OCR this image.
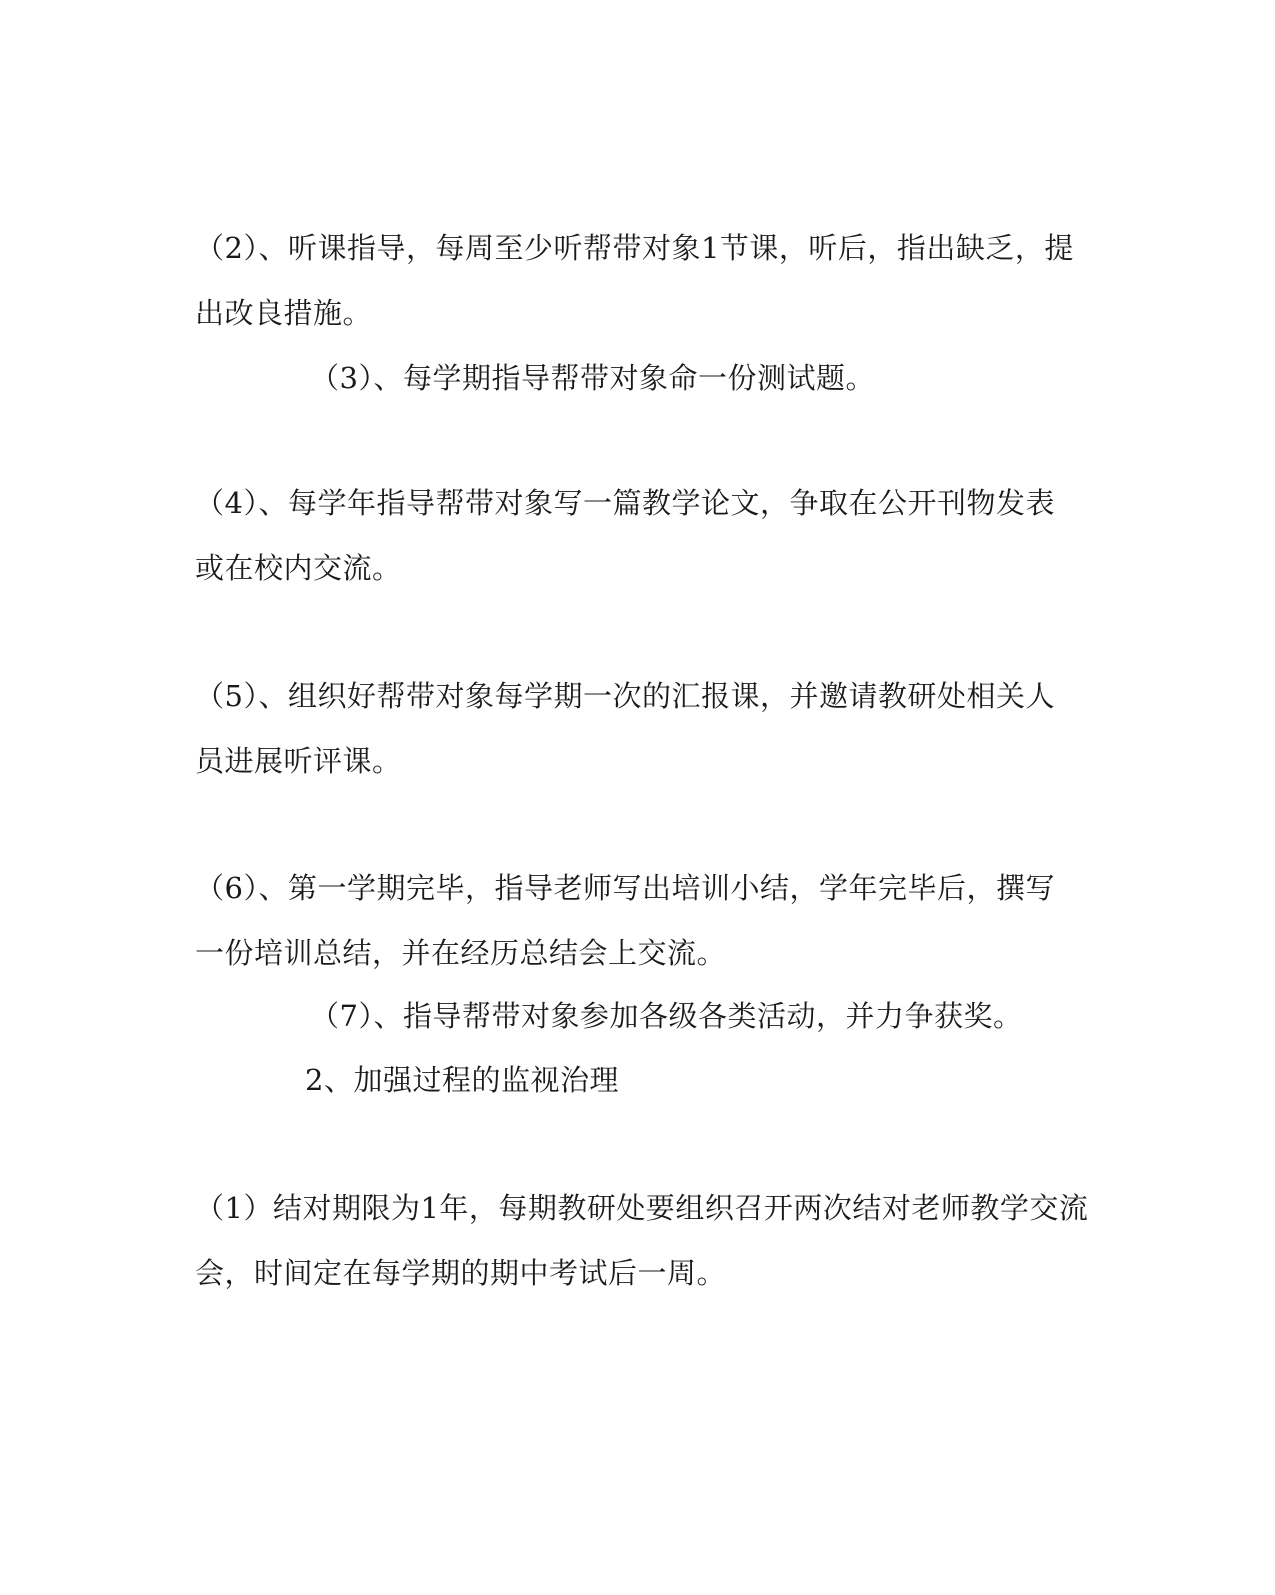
（2）、听课指导，每周至少听帮带对象1节课，听后，指出缺乏，提
出改良措施。
（3）、每学期指导帮带对象命一份测试题。
（4）、每学年指导帮带对象写一篇教学论文，争取在公开刊物发表
或在校内交流。
（5）、组织好帮带对象每学期一次的汇报课，并邀请教研处相关人
员进展听评课。
（6）、第一学期完毕，指导老师写出培训小结，学年完毕后，撰写
一份培训总结，并在经历总结会上交流。
（7）、指导帮带对象参加各级各类活动，并力争获奖。
2、加强过程的监视治理
（1）结对期限为1年，每期教研处要组织召开两次结对老师教学交流
会，时间定在每学期的期中考试后一周。
